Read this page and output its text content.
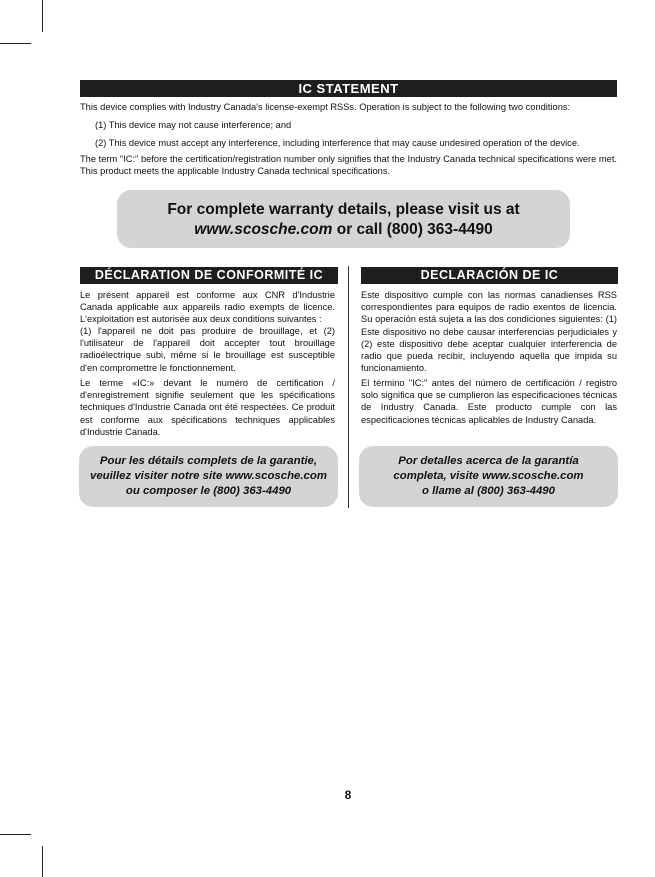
IC STATEMENT

This device complies with Industry Canada's license-exempt RSSs. Operation is subject to the following two conditions:

(1) This device may not cause interference; and

(2) This device must accept any interference, including interference that may cause undesired operation of the device.

The term "IC:" before the certification/registration number only signifies that the Industry Canada technical specifications were met. This product meets the applicable Industry Canada technical specifications.

For complete warranty details, please visit us at
www.scosche.com or call (800) 363-4490
DÉCLARATION DE CONFORMITÉ IC

Le présent appareil est conforme aux CNR d'Industrie Canada applicable aux appareils radio exempts de licence. L'exploitation est autorisée aux deux conditions suivantes :

(1) l'appareil ne doit pas produire de brouillage, et (2) l'utilisateur de l'appareil doit accepter tout brouillage radioélectrique subi, même si le brouillage est susceptible d'en compromettre le fonctionnement.

Le terme «IC:» devant le numéro de certification / d'enregistrement signifie seulement que les spécifications techniques d'Industrie Canada ont été respectées. Ce produit est conforme aux spécifications techniques applicables d'Industrie Canada.

Pour les détails complets de la garantie,
veuillez visiter notre site www.scosche.com
ou composer le (800) 363-4490
DECLARACIÓN DE IC

Este dispositivo cumple con las normas canadienses RSS correspondientes para equipos de radio exentos de licencia. Su operación está sujeta a las dos condiciones siguientes: (1) Este dispositivo no debe causar interferencias perjudiciales y (2) este dispositivo debe aceptar cualquier interferencia de radio que pueda recibir, incluyendo aquella que impida su funcionamiento.

El término "IC:" antes del número de certificación / registro solo significa que se cumplieron las especificaciones técnicas de Industry Canada. Este producto cumple con las especificaciones técnicas aplicables de Industry Canada.

Por detalles acerca de la garantía
completa, visite www.scosche.com
o llame al (800) 363-4490
8
